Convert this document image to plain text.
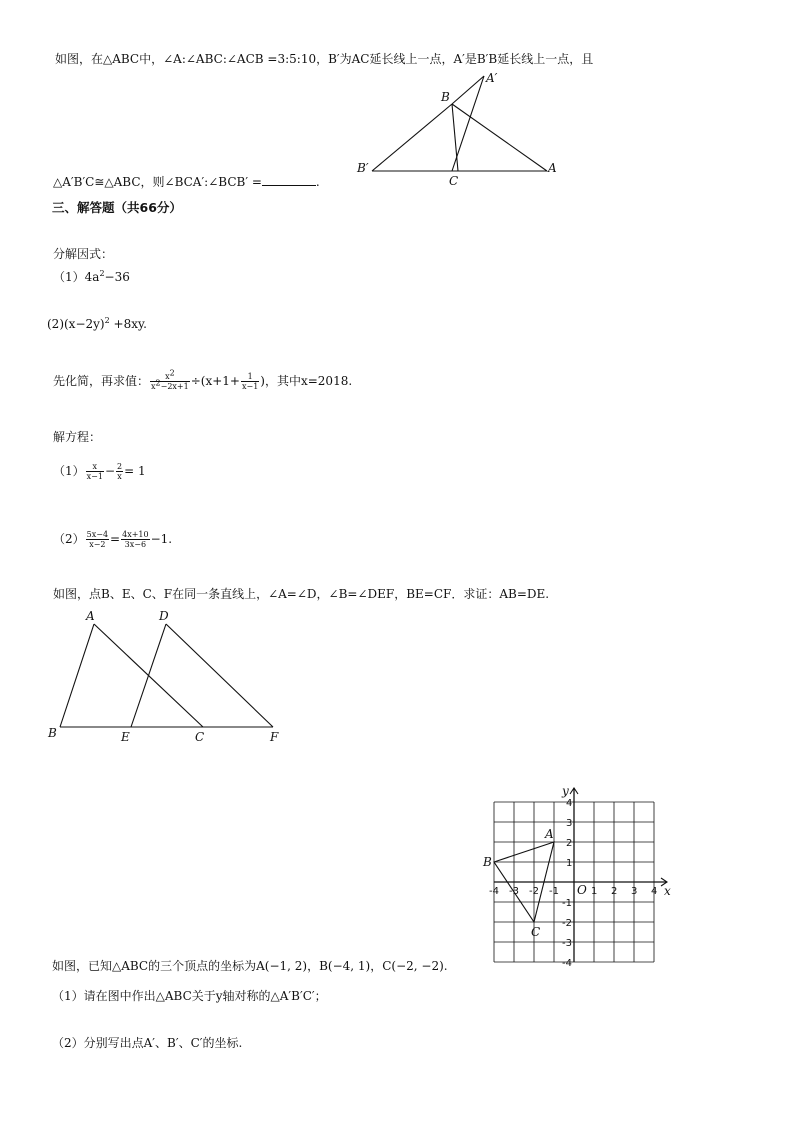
如图，在△ABC中，∠A:∠ABC:∠ACB =3:5:10，B′为AC延长线上一点，A′是B′B延长线上一点，且
A′
B
B′
C
A
△A′B′C≅△ABC，则∠BCA′:∠BCB′ =	.
三、解答题（共66分）
分解因式：
$(1)4a^2-36$
$(2)(x-2y)^2 +8xy$.
先化简，再求值： $\frac{x^2}{x^2-2x+1} \div(x+1+ \frac{1}{x-1}$ )，其中x=2018.
解方程：
$(1) \frac{x}{x-1} - \frac{2}{x} = 1$
$(2) \frac{5x-4}{x-2} = \frac{4x+10}{3x-6} -1$.
如图，点B、E、C、F在同一条直线上，∠A=∠D，∠B=∠DEF，BE=CF．求证：AB=DE.
A	D
B	E	C	F
x
y
O
-4 -3 -2 -1	1 2 3 4
4
3
2
1
-1
-2
-3
-4
A
B
C
如图，已知△ABC的三个顶点的坐标为A(−1, 2)，B(−4, 1)，C(−2, −2).
（1）请在图中作出△ABC关于y轴对称的△A′B′C′；
（2）分别写出点A′、B′、C′的坐标.
